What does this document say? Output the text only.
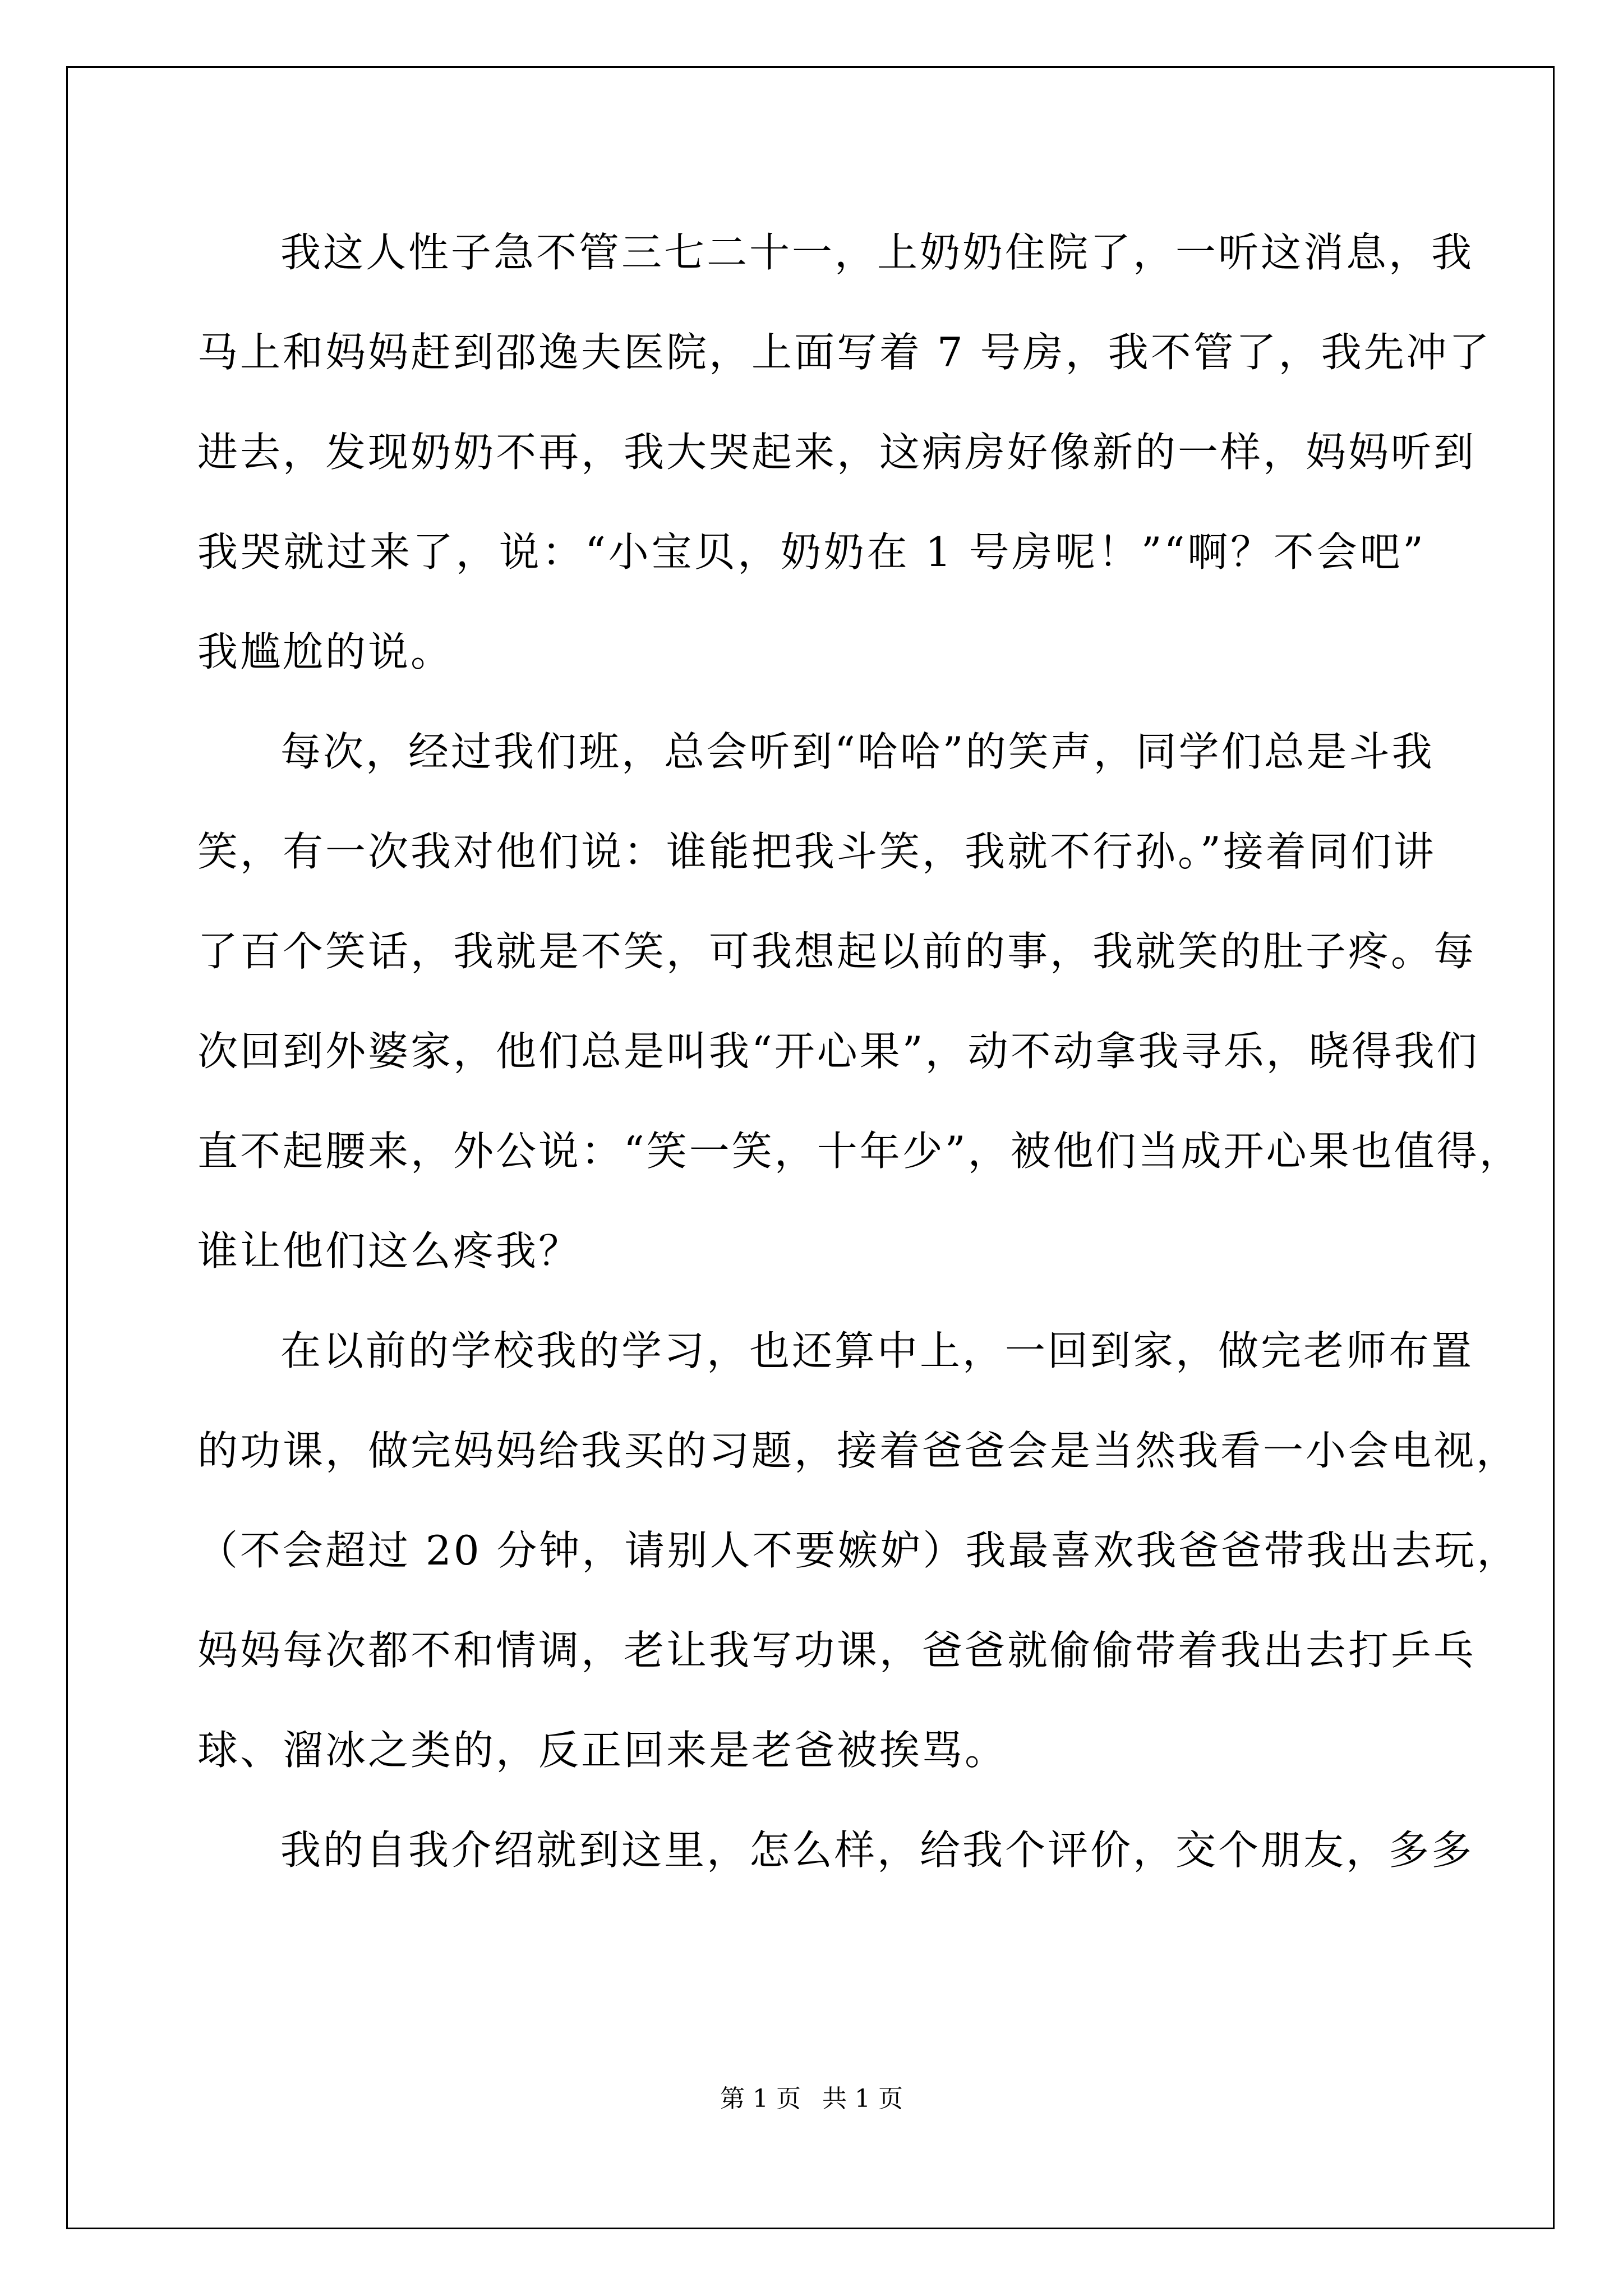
我这人性子急不管三七二十一，上奶奶住院了，一听这消息，我
马上和妈妈赶到邵逸夫医院，上面写着 7 号房，我不管了，我先冲了
进去，发现奶奶不再，我大哭起来，这病房好像新的一样，妈妈听到
我哭就过来了，说：“小宝贝，奶奶在 1 号房呢！”“啊？不会吧”
我尴尬的说。
每次，经过我们班，总会听到“哈哈”的笑声，同学们总是斗我
笑，有一次我对他们说：谁能把我斗笑，我就不行孙。”接着同们讲
了百个笑话，我就是不笑，可我想起以前的事，我就笑的肚子疼。每
次回到外婆家，他们总是叫我“开心果”，动不动拿我寻乐，晓得我们
直不起腰来，外公说：“笑一笑，十年少”，被他们当成开心果也值得，
谁让他们这么疼我？
在以前的学校我的学习，也还算中上，一回到家，做完老师布置
的功课，做完妈妈给我买的习题，接着爸爸会是当然我看一小会电视，
（不会超过 20 分钟，请别人不要嫉妒）我最喜欢我爸爸带我出去玩，
妈妈每次都不和情调，老让我写功课，爸爸就偷偷带着我出去打乒乓
球、溜冰之类的，反正回来是老爸被挨骂。
我的自我介绍就到这里，怎么样，给我个评价，交个朋友，多多
第 1 页 共 1 页
